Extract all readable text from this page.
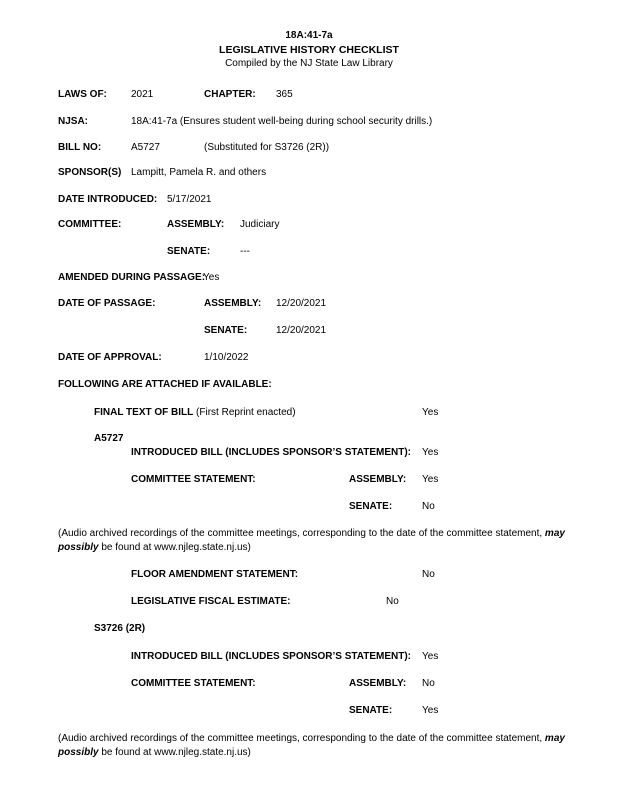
18A:41-7a
LEGISLATIVE HISTORY CHECKLIST
Compiled by the NJ State Law Library
LAWS OF: 2021	CHAPTER: 365
NJSA:	18A:41-7a (Ensures student well-being during school security drills.)
BILL NO:	A5727	(Substituted for S3726 (2R))
SPONSOR(S) Lampitt, Pamela R. and others
DATE INTRODUCED: 5/17/2021
COMMITTEE:	ASSEMBLY: Judiciary
SENATE:	---
AMENDED DURING PASSAGE:
Yes
DATE OF PASSAGE:	ASSEMBLY: 12/20/2021
SENATE:	12/20/2021
DATE OF APPROVAL:	1/10/2022
FOLLOWING ARE ATTACHED IF AVAILABLE:
FINAL TEXT OF BILL (First Reprint enacted)	Yes
A5727
INTRODUCED BILL (INCLUDES SPONSOR’S STATEMENT): Yes
COMMITTEE STATEMENT:	ASSEMBLY: Yes
SENATE:	No
(Audio archived recordings of the committee meetings, corresponding to the date of the committee statement, may possibly be found at www.njleg.state.nj.us)
FLOOR AMENDMENT STATEMENT:	No
LEGISLATIVE FISCAL ESTIMATE:	No
S3726 (2R)
INTRODUCED BILL (INCLUDES SPONSOR’S STATEMENT): Yes
COMMITTEE STATEMENT:	ASSEMBLY: No
SENATE:	Yes
(Audio archived recordings of the committee meetings, corresponding to the date of the committee statement, may possibly be found at www.njleg.state.nj.us)
